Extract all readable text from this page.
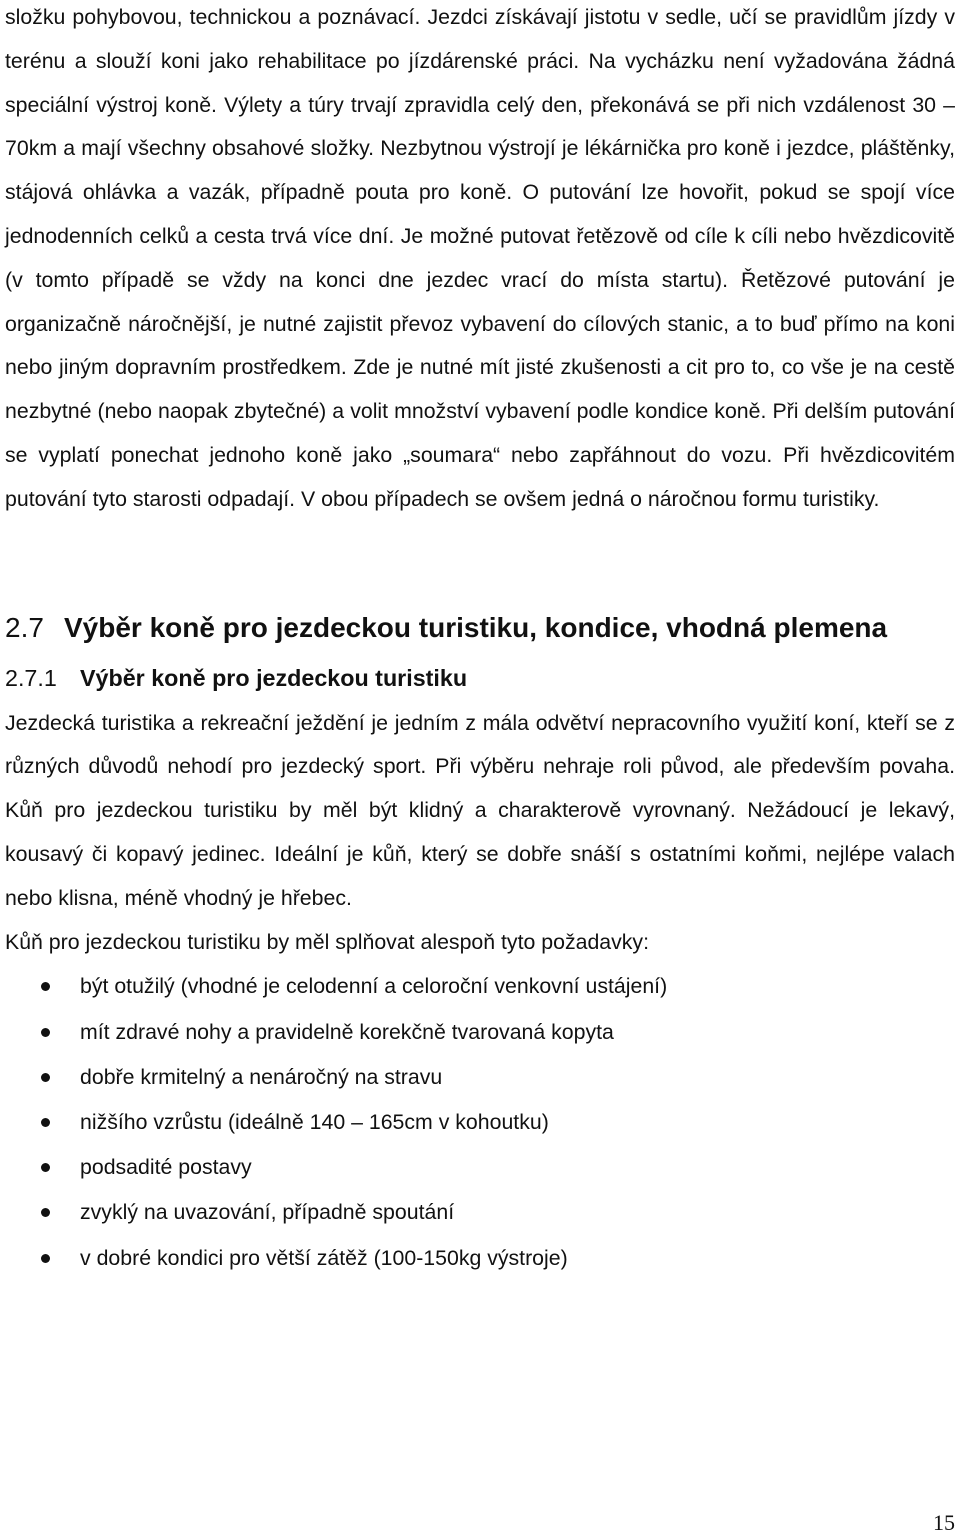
složku pohybovou, technickou a poznávací. Jezdci získávají jistotu v sedle, učí se pravidlům jízdy v terénu a slouží koni jako rehabilitace po jízdárenské práci. Na vycházku není vyžadována žádná speciální výstroj koně. Výlety a túry trvají zpravidla celý den, překonává se při nich vzdálenost 30 – 70km a mají všechny obsahové složky. Nezbytnou výstrojí je lékárnička pro koně i jezdce, pláštěnky, stájová ohlávka a vazák, případně pouta pro koně. O putování lze hovořit, pokud se spojí více jednodenních celků a cesta trvá více dní. Je možné putovat řetězově od cíle k cíli nebo hvězdicovitě (v tomto případě se vždy na konci dne jezdec vrací do místa startu). Řetězové putování je organizačně náročnější, je nutné zajistit převoz vybavení do cílových stanic, a to buď přímo na koni nebo jiným dopravním prostředkem. Zde je nutné mít jisté zkušenosti a cit pro to, co vše je na cestě nezbytné (nebo naopak zbytečné) a volit množství vybavení podle kondice koně. Při delším putování se vyplatí ponechat jednoho koně jako „soumara“ nebo zapřáhnout do vozu. Při hvězdicovitém putování tyto starosti odpadají. V obou případech se ovšem jedná o náročnou formu turistiky.

2.7 Výběr koně pro jezdeckou turistiku, kondice, vhodná plemena
2.7.1 Výběr koně pro jezdeckou turistiku

Jezdecká turistika a rekreační ježdění je jedním z mála odvětví nepracovního využití koní, kteří se z různých důvodů nehodí pro jezdecký sport. Při výběru nehraje roli původ, ale především povaha. Kůň pro jezdeckou turistiku by měl být klidný a charakterově vyrovnaný. Nežádoucí je lekavý, kousavý či kopavý jedinec. Ideální je kůň, který se dobře snáší s ostatními koňmi, nejlépe valach nebo klisna, méně vhodný je hřebec.

Kůň pro jezdeckou turistiku by měl splňovat alespoň tyto požadavky:

být otužilý (vhodné je celodenní a celoroční venkovní ustájení)
mít zdravé nohy a pravidelně korekčně tvarovaná kopyta
dobře krmitelný a nenáročný na stravu
nižšího vzrůstu (ideálně 140 – 165cm v kohoutku)
podsadité postavy
zvyklý na uvazování, případně spoutání
v dobré kondici pro větší zátěž (100-150kg výstroje)
15
